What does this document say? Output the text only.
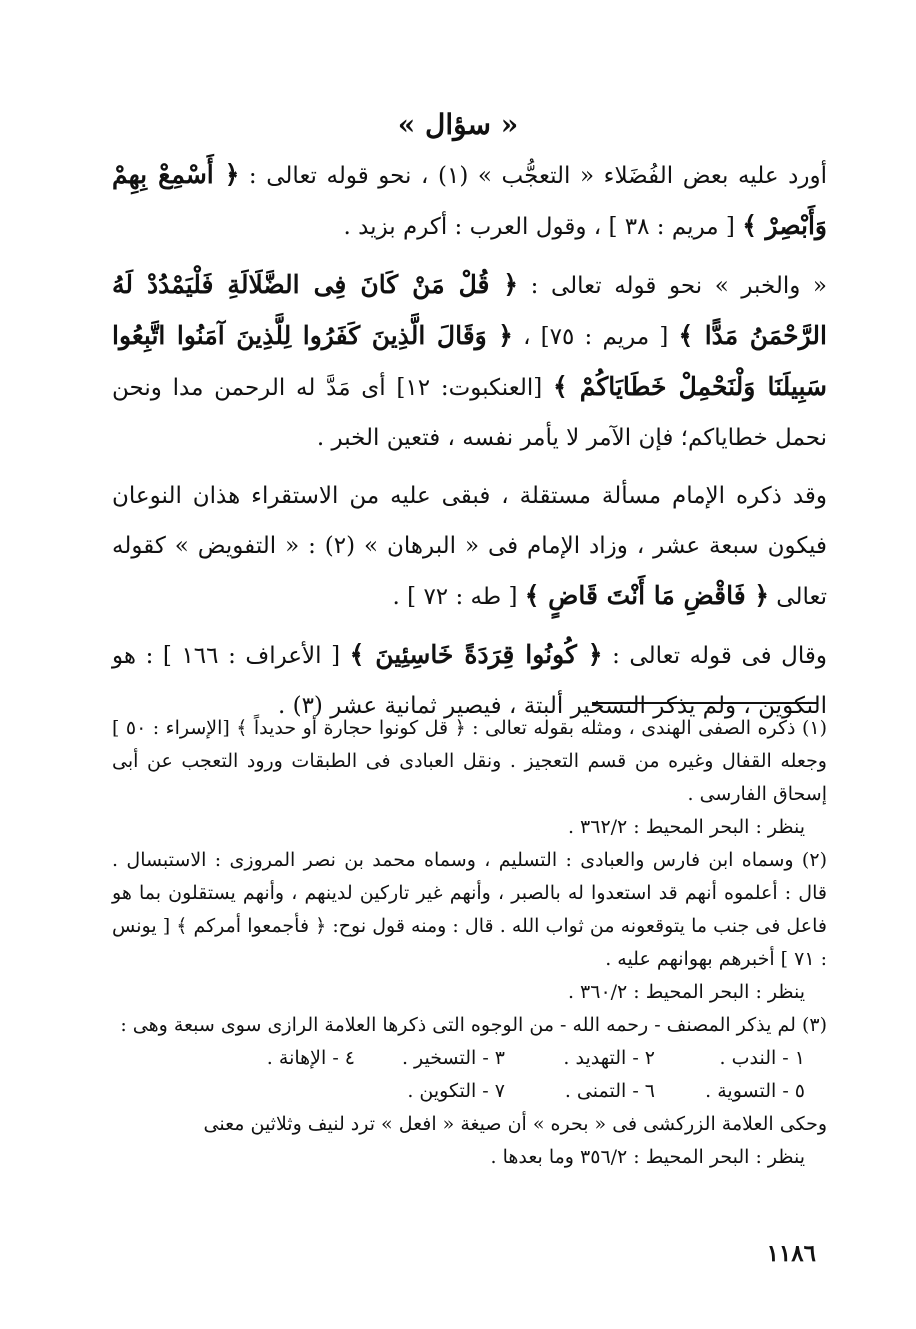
« سؤال »

أورد عليه بعض الفُضَلاء « التعجُّب » (١) ، نحو قوله تعالى : ﴿ أَسْمِعْ بِهِمْ وَأَبْصِرْ ﴾ [ مريم : ٣٨ ] ، وقول العرب : أكرم بزيد .

« والخبر » نحو قوله تعالى : ﴿ قُلْ مَنْ كَانَ فِى الضَّلَالَةِ فَلْيَمْدُدْ لَهُ الرَّحْمَنُ مَدًّا ﴾ [ مريم : ٧٥] ، ﴿ وَقَالَ الَّذِينَ كَفَرُوا لِلَّذِينَ آمَنُوا اتَّبِعُوا سَبِيلَنَا وَلْنَحْمِلْ خَطَايَاكُمْ ﴾ [العنكبوت: ١٢] أى مَدَّ له الرحمن مدا ونحن نحمل خطاياكم؛ فإن الآمر لا يأمر نفسه ، فتعين الخبر .

وقد ذكره الإمام مسألة مستقلة ، فبقى عليه من الاستقراء هذان النوعان فيكون سبعة عشر ، وزاد الإمام فى « البرهان » (٢) : « التفويض » كقوله تعالى ﴿ فَاقْضِ مَا أَنْتَ قَاضٍ ﴾ [ طه : ٧٢ ] .

وقال فى قوله تعالى : ﴿ كُونُوا قِرَدَةً خَاسِئِينَ ﴾ [ الأعراف : ١٦٦ ] : هو التكوين ، ولم يذكر التسخير ألبتة ، فيصير ثمانية عشر (٣) .

(١) ذكره الصفى الهندى ، ومثله بقوله تعالى : ﴿ قل كونوا حجارة أو حديداً ﴾ [الإسراء : ٥٠ ] وجعله القفال وغيره من قسم التعجيز . ونقل العبادى فى الطبقات ورود التعجب عن أبى إسحاق الفارسى .

ينظر : البحر المحيط : ٣٦٢/٢ .

(٢) وسماه ابن فارس والعبادى : التسليم ، وسماه محمد بن نصر المروزى : الاستبسال . قال : أعلموه أنهم قد استعدوا له بالصبر ، وأنهم غير تاركين لدينهم ، وأنهم يستقلون بما هو فاعل فى جنب ما يتوقعونه من ثواب الله . قال : ومنه قول نوح: ﴿ فأجمعوا أمركم ﴾ [ يونس : ٧١ ] أخبرهم بهوانهم عليه .

ينظر : البحر المحيط : ٣٦٠/٢ .

(٣) لم يذكر المصنف - رحمه الله - من الوجوه التى ذكرها العلامة الرازى سوى سبعة وهى :

١ - الندب .
٢ - التهديد .
٣ - التسخير .
٤ - الإهانة .
٥ - التسوية .
٦ - التمنى .
٧ - التكوين .

وحكى العلامة الزركشى فى « بحره » أن صيغة « افعل » ترد لنيف وثلاثين معنى

ينظر : البحر المحيط : ٣٥٦/٢ وما بعدها .

١١٨٦
